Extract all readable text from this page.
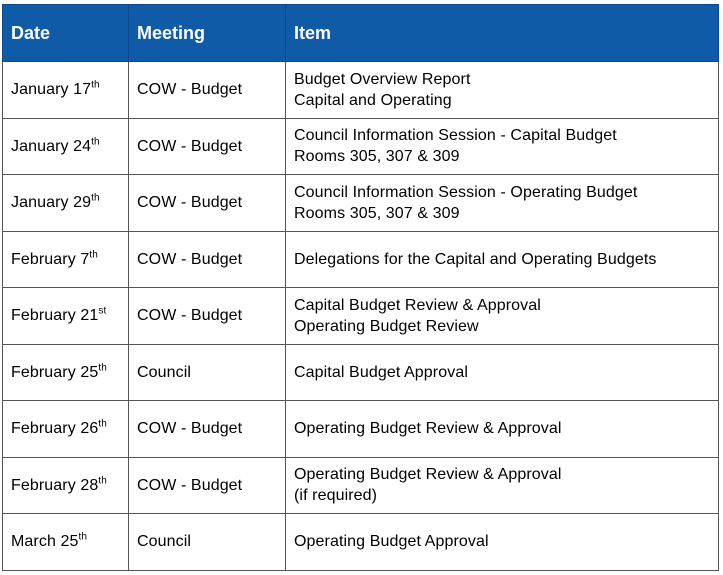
Date	Meeting	Item
January 17th	COW - Budget	Budget Overview Report
Capital and Operating

January 24th	COW - Budget	Council Information Session - Capital Budget
Rooms 305, 307 & 309

January 29th	COW - Budget	Council Information Session - Operating Budget
Rooms 305, 307 & 309

February 7th	COW - Budget	Delegations for the Capital and Operating Budgets

February 21st	COW - Budget	Capital Budget Review & Approval
Operating Budget Review

February 25th	Council	Capital Budget Approval

February 26th	COW - Budget	Operating Budget Review & Approval

February 28th	COW - Budget	Operating Budget Review & Approval
(if required)

March 25th	Council	Operating Budget Approval
